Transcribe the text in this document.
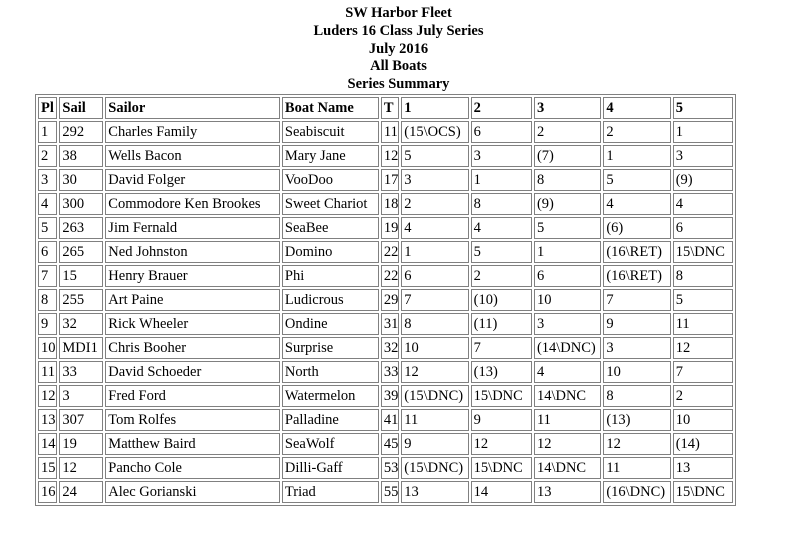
SW Harbor Fleet
Luders 16 Class July Series
July 2016
All Boats
Series Summary
Pl	Sail	Sailor	Boat Name	T	1	2	3	4	5
1	292	Charles Family	Seabiscuit	11	(15\OCS)	6	2	2	1
2	38	Wells Bacon	Mary Jane	12	5	3	(7)	1	3
3	30	David Folger	VooDoo	17	3	1	8	5	(9)
4	300	Commodore Ken Brookes	Sweet Chariot	18	2	8	(9)	4	4
5	263	Jim Fernald	SeaBee	19	4	4	5	(6)	6
6	265	Ned Johnston	Domino	22	1	5	1	(16\RET)	15\DNC
7	15	Henry Brauer	Phi	22	6	2	6	(16\RET)	8
8	255	Art Paine	Ludicrous	29	7	(10)	10	7	5
9	32	Rick Wheeler	Ondine	31	8	(11)	3	9	11
10	MDI1	Chris Booher	Surprise	32	10	7	(14\DNC)	3	12
11	33	David Schoeder	North	33	12	(13)	4	10	7
12	3	Fred Ford	Watermelon	39	(15\DNC)	15\DNC	14\DNC	8	2
13	307	Tom Rolfes	Palladine	41	11	9	11	(13)	10
14	19	Matthew Baird	SeaWolf	45	9	12	12	12	(14)
15	12	Pancho Cole	Dilli-Gaff	53	(15\DNC)	15\DNC	14\DNC	11	13
16	24	Alec Gorianski	Triad	55	13	14	13	(16\DNC)	15\DNC
